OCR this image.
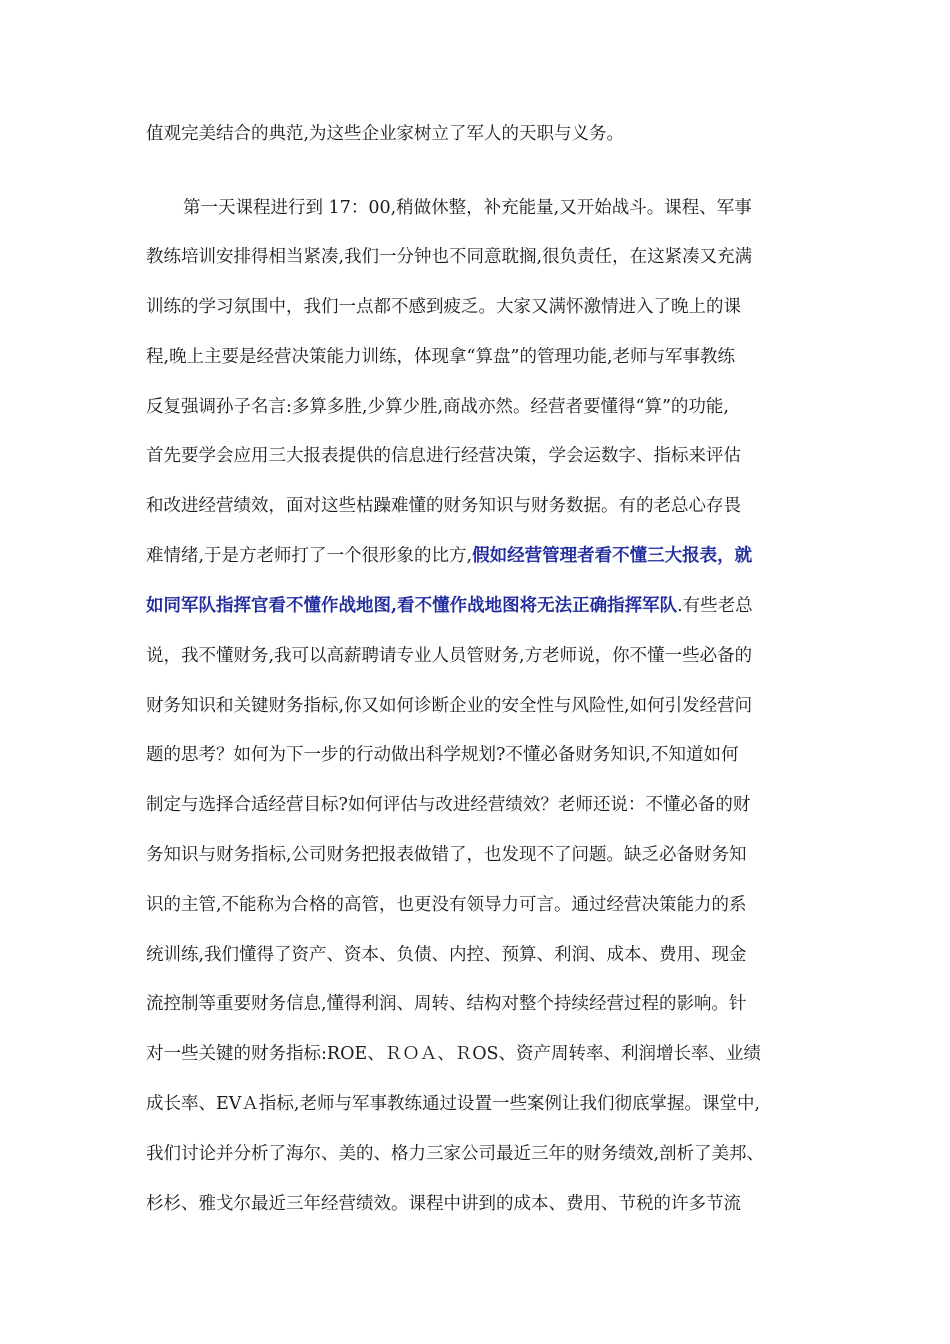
值观完美结合的典范,为这些企业家树立了军人的天职与义务。
第一天课程进行到 17：00,稍做休整，补充能量,又开始战斗。课程、军事
教练培训安排得相当紧凑,我们一分钟也不同意耽搁,很负责任，在这紧凑又充满
训练的学习氛围中，我们一点都不感到疲乏。大家又满怀激情进入了晚上的课
程,晚上主要是经营决策能力训练，体现拿“算盘”的管理功能,老师与军事教练
反复强调孙子名言:多算多胜,少算少胜,商战亦然。经营者要懂得“算”的功能,
首先要学会应用三大报表提供的信息进行经营决策，学会运数字、指标来评估
和改进经营绩效，面对这些枯躁难懂的财务知识与财务数据。有的老总心存畏
难情绪,于是方老师打了一个很形象的比方,假如经营管理者看不懂三大报表，就
如同军队指挥官看不懂作战地图,看不懂作战地图将无法正确指挥军队.有些老总
说，我不懂财务,我可以高薪聘请专业人员管财务,方老师说，你不懂一些必备的
财务知识和关键财务指标,你又如何诊断企业的安全性与风险性,如何引发经营问
题的思考？如何为下一步的行动做出科学规划?不懂必备财务知识,不知道如何
制定与选择合适经营目标?如何评估与改进经营绩效？老师还说：不懂必备的财
务知识与财务指标,公司财务把报表做错了，也发现不了问题。缺乏必备财务知
识的主管,不能称为合格的高管，也更没有领导力可言。通过经营决策能力的系
统训练,我们懂得了资产、资本、负债、内控、预算、利润、成本、费用、现金
流控制等重要财务信息,懂得利润、周转、结构对整个持续经营过程的影响。针
对一些关键的财务指标:ROE、ＲＯＡ、ＲOS、资产周转率、利润增长率、业绩
成长率、EVＡ指标,老师与军事教练通过设置一些案例让我们彻底掌握。课堂中,
我们讨论并分析了海尔、美的、格力三家公司最近三年的财务绩效,剖析了美邦、
杉杉、雅戈尔最近三年经营绩效。课程中讲到的成本、费用、节税的许多节流
